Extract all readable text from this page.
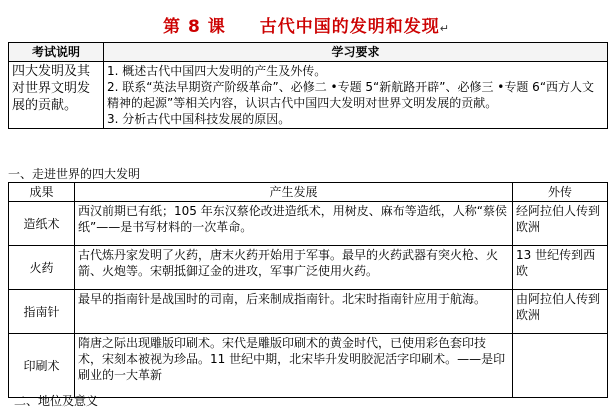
第 8 课 古代中国的发明和发现↵
考试说明	学习要求
四大发明及其对世界文明发展的贡献。	1. 概述古代中国四大发明的产生及外传。

2. 联系“英法早期资产阶级革命”、必修二 •专题 5“新航路开辟”、必修三 •专题 6“西方人文精神的起源”等相关内容，认识古代中国四大发明对世界文明发展的贡献。

3. 分析古代中国科技发展的原因。

一、走进世界的四大发明
成果	产生发展	外传
造纸术	西汉前期已有纸；105 年东汉蔡伦改进造纸术，用树皮、麻布等造纸，人称“蔡侯纸”——是书写材料的一次革命。	经阿拉伯人传到欧洲
火药	古代炼丹家发明了火药，唐末火药开始用于军事。最早的火药武器有突火枪、火箭、火炮等。宋朝抵御辽金的进攻，军事广泛使用火药。	13 世纪传到西欧
指南针	最早的指南针是战国时的司南，后来制成指南针。北宋时指南针应用于航海。	由阿拉伯人传到欧洲
印刷术	隋唐之际出现雕版印刷术。宋代是雕版印刷术的黄金时代，已使用彩色套印技术，宋刻本被视为珍品。11 世纪中期，北宋毕升发明胶泥活字印刷术。——是印刷业的一大革新	
二、地位及意义
